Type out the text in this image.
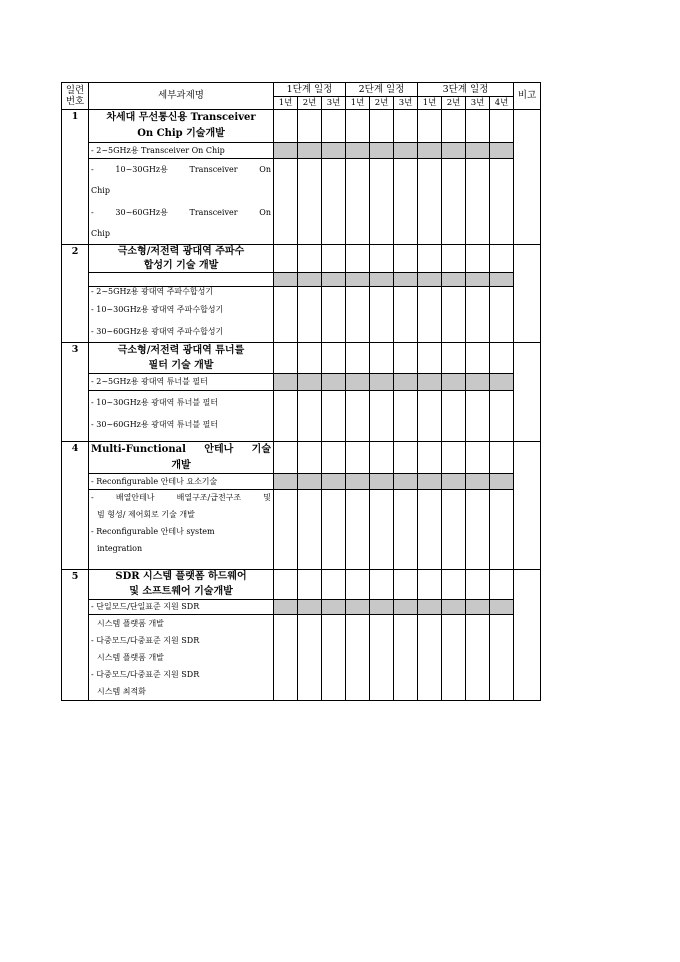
일련
번호	세부과제명	1단계 일정			2단계 일정			3단계 일정				비고
		1년	2년	3년	1년	2년	3년	1년	2년	3년	4년	
1	차세대 무선통신용 Transceiver
On Chip 기술개발											

	- 2~5GHz용 Transceiver On Chip											

	- 10~30GHz용 Transceiver On
Chip
- 30~60GHz용 Transceiver On
Chip											

2	극소형/저전력 광대역 주파수
합성기 기술 개발											

	- 2~5GHz용 광대역 주파수합성기
- 10~30GHz용 광대역 주파수합성기
- 30~60GHz용 광대역 주파수합성기											

3	극소형/저전력 광대역 튜너를
필터 기술 개발											

	- 2~5GHz용 광대역 튜너블 필터											

	- 10~30GHz용 광대역 튜너블 필터
- 30~60GHz용 광대역 튜너블 필터											

4	Multi-Functional 안테나 기술
개발											

	- Reconfigurable 안테나 요소기술											

	- 배열안테나 배열구조/급전구조 및
빔 형성/ 제어회로 기술 개발
- Reconfigurable 안테나 system
integration											

5	SDR 시스템 플랫폼 하드웨어
및 소프트웨어 기술개발											

	- 단일모드/단일표준 지원 SDR											

	시스템 플랫폼 개발
- 다중모드/다중표준 지원 SDR
시스템 플랫폼 개발
- 다중모드/다중표준 지원 SDR
시스템 최적화											
